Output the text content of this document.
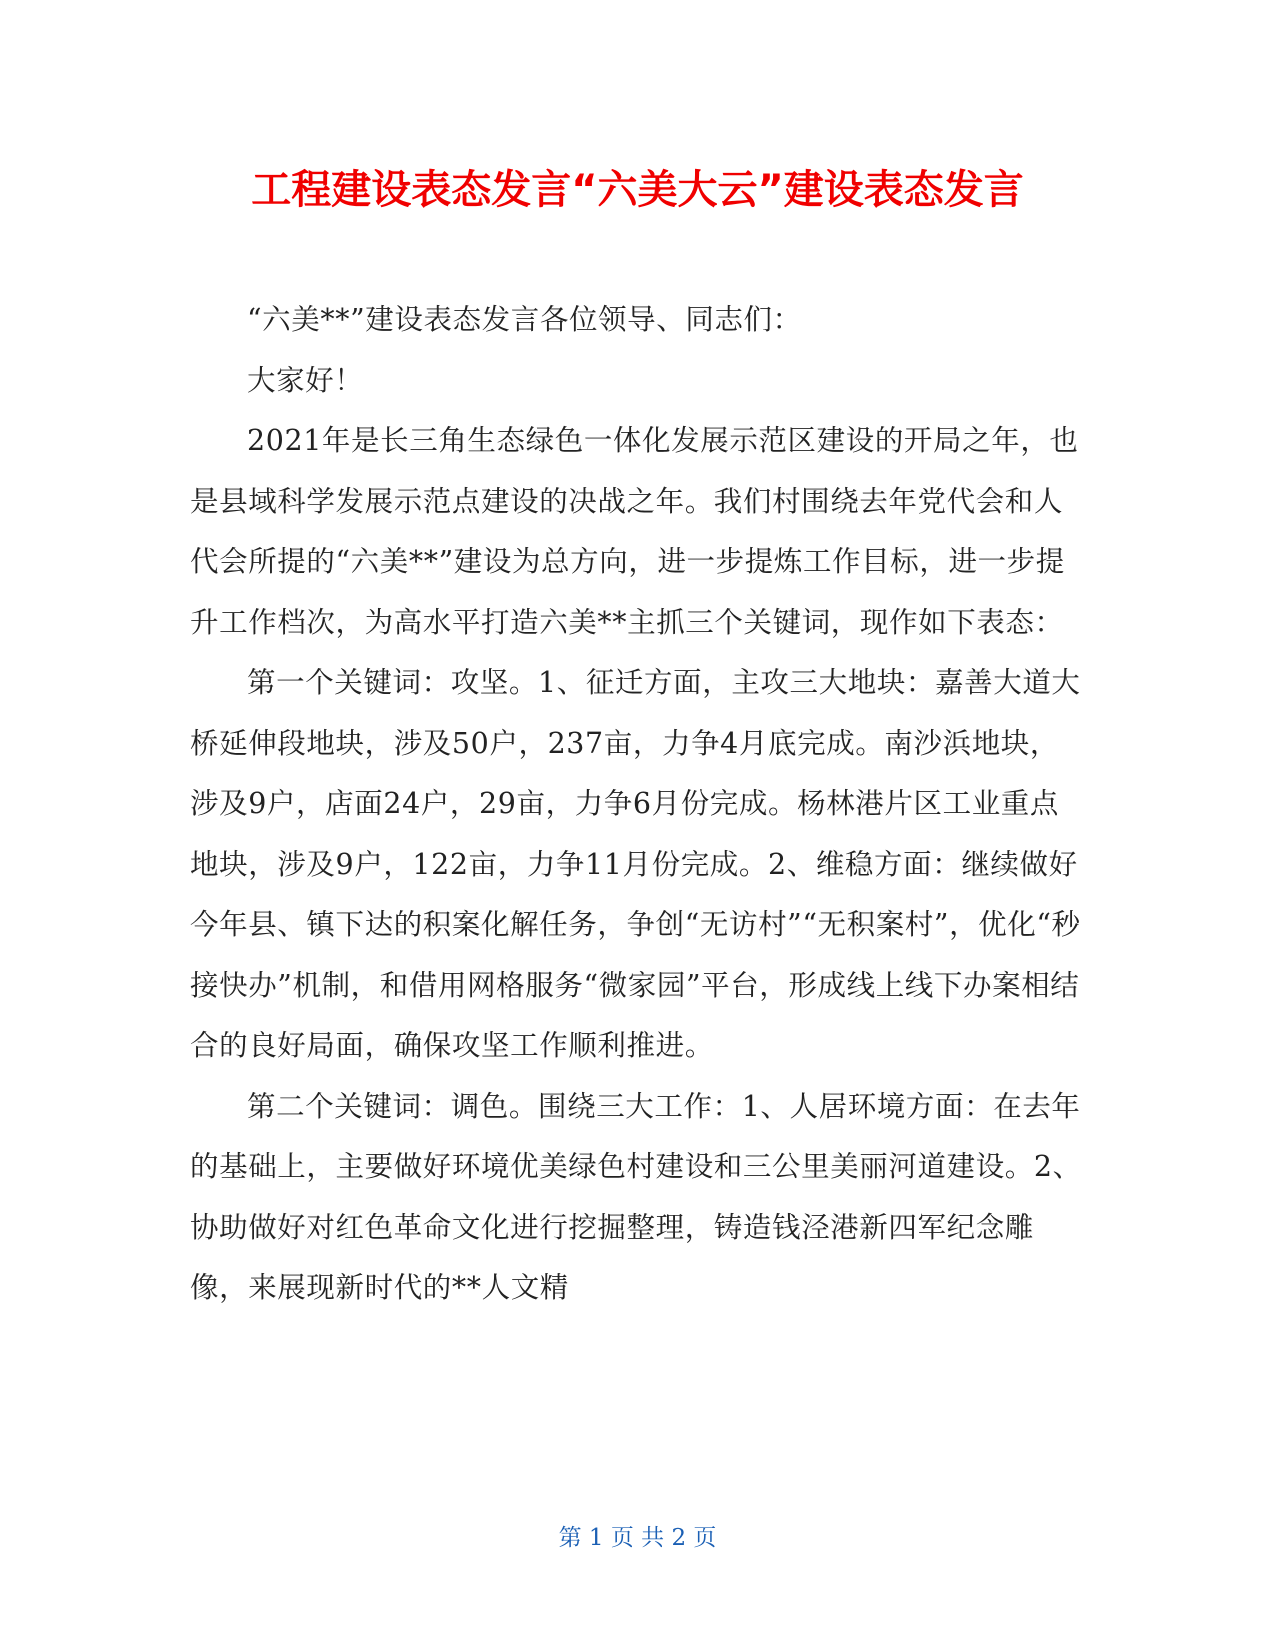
工程建设表态发言“六美大云”建设表态发言

“六美**”建设表态发言各位领导、同志们：

大家好！

2021年是长三角生态绿色一体化发展示范区建设的开局之年，也是县域科学发展示范点建设的决战之年。我们村围绕去年党代会和人代会所提的“六美**”建设为总方向，进一步提炼工作目标，进一步提升工作档次，为高水平打造六美**主抓三个关键词，现作如下表态：

第一个关键词：攻坚。1、征迁方面，主攻三大地块：嘉善大道大桥延伸段地块，涉及50户，237亩，力争4月底完成。南沙浜地块，涉及9户，店面24户，29亩，力争6月份完成。杨林港片区工业重点地块，涉及9户，122亩，力争11月份完成。2、维稳方面：继续做好今年县、镇下达的积案化解任务，争创“无访村”“无积案村”，优化“秒接快办”机制，和借用网格服务“微家园”平台，形成线上线下办案相结合的良好局面，确保攻坚工作顺利推进。

第二个关键词：调色。围绕三大工作：1、人居环境方面：在去年的基础上，主要做好环境优美绿色村建设和三公里美丽河道建设。2、协助做好对红色革命文化进行挖掘整理，铸造钱泾港新四军纪念雕像，来展现新时代的**人文精

第 1 页 共 2 页
